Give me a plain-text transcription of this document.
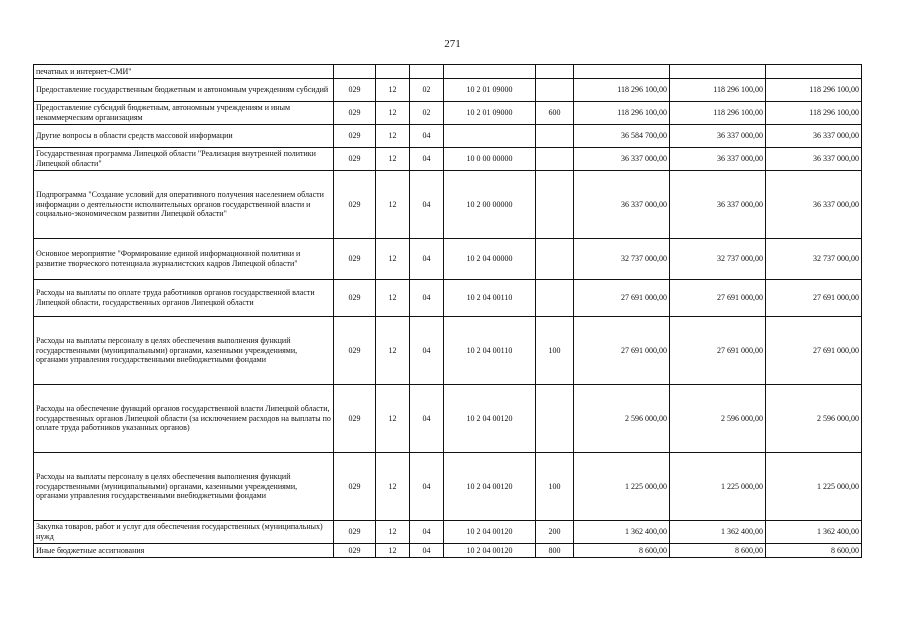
271
печатных и интернет-СМИ"								
Предоставление государственным бюджетным и автономным учреждениям субсидий	029	12	02	10 2 01 09000		118 296 100,00	118 296 100,00	118 296 100,00
Предоставление субсидий бюджетным, автономным учреждениям и иным некоммерческим организациям	029	12	02	10 2 01 09000	600	118 296 100,00	118 296 100,00	118 296 100,00
Другие вопросы в области средств массовой информации	029	12	04			36 584 700,00	36 337 000,00	36 337 000,00
Государственная программа Липецкой области "Реализация внутренней политики Липецкой области"	029	12	04	10 0 00 00000		36 337 000,00	36 337 000,00	36 337 000,00
Подпрограмма "Создание условий для оперативного получения населением области информации о деятельности исполнительных органов государственной власти и социально-экономическом развитии Липецкой области"	029	12	04	10 2 00 00000		36 337 000,00	36 337 000,00	36 337 000,00
Основное мероприятие "Формирование единой информационной политики и развитие творческого потенциала журналистских кадров Липецкой области"	029	12	04	10 2 04 00000		32 737 000,00	32 737 000,00	32 737 000,00
Расходы на выплаты по оплате труда работников органов государственной власти Липецкой области, государственных органов Липецкой области	029	12	04	10 2 04 00110		27 691 000,00	27 691 000,00	27 691 000,00
Расходы на выплаты персоналу в целях обеспечения выполнения функций государственными (муниципальными) органами, казенными учреждениями, органами управления государственными внебюджетными фондами	029	12	04	10 2 04 00110	100	27 691 000,00	27 691 000,00	27 691 000,00
Расходы на обеспечение функций органов государственной власти Липецкой области, государственных органов Липецкой области (за исключением расходов на выплаты по оплате труда работников указанных органов)	029	12	04	10 2 04 00120		2 596 000,00	2 596 000,00	2 596 000,00
Расходы на выплаты персоналу в целях обеспечения выполнения функций государственными (муниципальными) органами, казенными учреждениями, органами управления государственными внебюджетными фондами	029	12	04	10 2 04 00120	100	1 225 000,00	1 225 000,00	1 225 000,00
Закупка товаров, работ и услуг для обеспечения государственных (муниципальных) нужд	029	12	04	10 2 04 00120	200	1 362 400,00	1 362 400,00	1 362 400,00
Иные бюджетные ассигнования	029	12	04	10 2 04 00120	800	8 600,00	8 600,00	8 600,00
